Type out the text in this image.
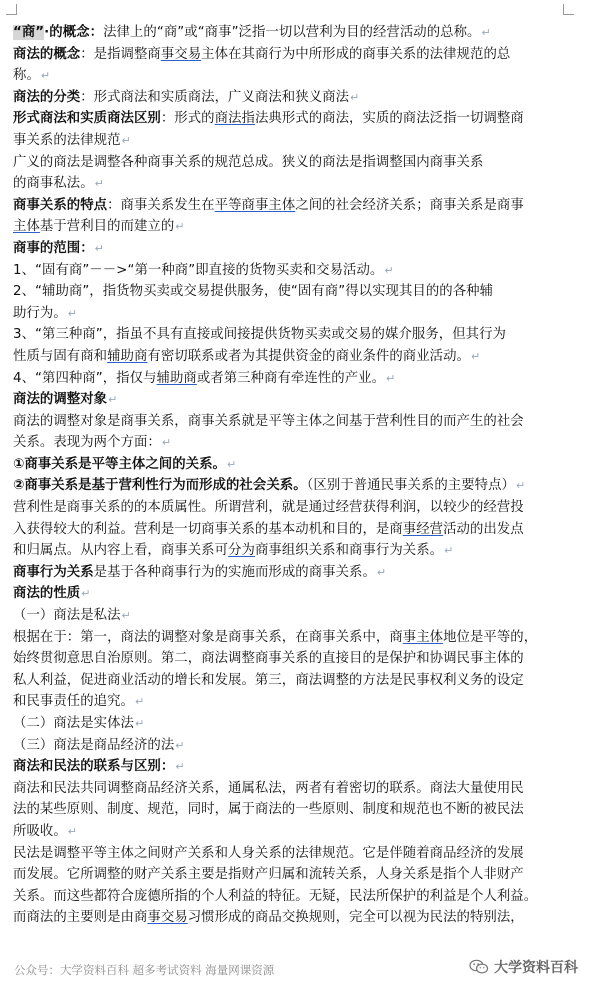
“商”·的概念：法律上的“商”或“商事”泛指一切以营利为目的经营活动的总称。↵
商法的概念：是指调整商事交易主体在其商行为中所形成的商事关系的法律规范的总
称。↵
商法的分类：形式商法和实质商法，广义商法和狭义商法↵
形式商法和实质商法区别：形式的商法指法典形式的商法，实质的商法泛指一切调整商
事关系的法律规范↵
广义的商法是调整各种商事关系的规范总成。狭义的商法是指调整国内商事关系
的商事私法。↵
商事关系的特点：商事关系发生在平等商事主体之间的社会经济关系；商事关系是商事
主体基于营利目的而建立的↵
商事的范围：↵
1、“固有商”－－>“第一种商”即直接的货物买卖和交易活动。↵
2、“辅助商”，指货物买卖或交易提供服务，使“固有商”得以实现其目的的各种辅
助行为。↵
3、“第三种商”，指虽不具有直接或间接提供货物买卖或交易的媒介服务，但其行为
性质与固有商和辅助商有密切联系或者为其提供资金的商业条件的商业活动。↵
4、“第四种商”，指仅与辅助商或者第三种商有牵连性的产业。↵
商法的调整对象↵
商法的调整对象是商事关系，商事关系就是平等主体之间基于营利性目的而产生的社会
关系。表现为两个方面：↵
①商事关系是平等主体之间的关系。↵
②商事关系是基于营利性行为而形成的社会关系。（区别于普通民事关系的主要特点）↵
营利性是商事关系的的本质属性。所谓营利，就是通过经营获得利润，以较少的经营投
入获得较大的利益。营利是一切商事关系的基本动机和目的，是商事经营活动的出发点
和归属点。从内容上看，商事关系可分为商事组织关系和商事行为关系。↵
商事行为关系是基于各种商事行为的实施而形成的商事关系。↵
商法的性质↵
（一）商法是私法↵
根据在于：第一，商法的调整对象是商事关系，在商事关系中，商事主体地位是平等的，
始终贯彻意思自治原则。第二，商法调整商事关系的直接目的是保护和协调民事主体的
私人利益，促进商业活动的增长和发展。第三，商法调整的方法是民事权利义务的设定
和民事责任的追究。↵
（二）商法是实体法↵
（三）商法是商品经济的法↵
商法和民法的联系与区别：↵
商法和民法共同调整商品经济关系，通属私法，两者有着密切的联系。商法大量使用民
法的某些原则、制度、规范，同时，属于商法的一些原则、制度和规范也不断的被民法
所吸收。↵
民法是调整平等主体之间财产关系和人身关系的法律规范。它是伴随着商品经济的发展
而发展。它所调整的财产关系主要是指财产归属和流转关系，人身关系是指个人非财产
关系。而这些都符合庞德所指的个人利益的特征。无疑，民法所保护的利益是个人利益。
而商法的主要则是由商事交易习惯形成的商品交换规则，完全可以视为民法的特别法，
公众号：大学资料百科 超多考试资料 海量网课资源	大学资料百科
